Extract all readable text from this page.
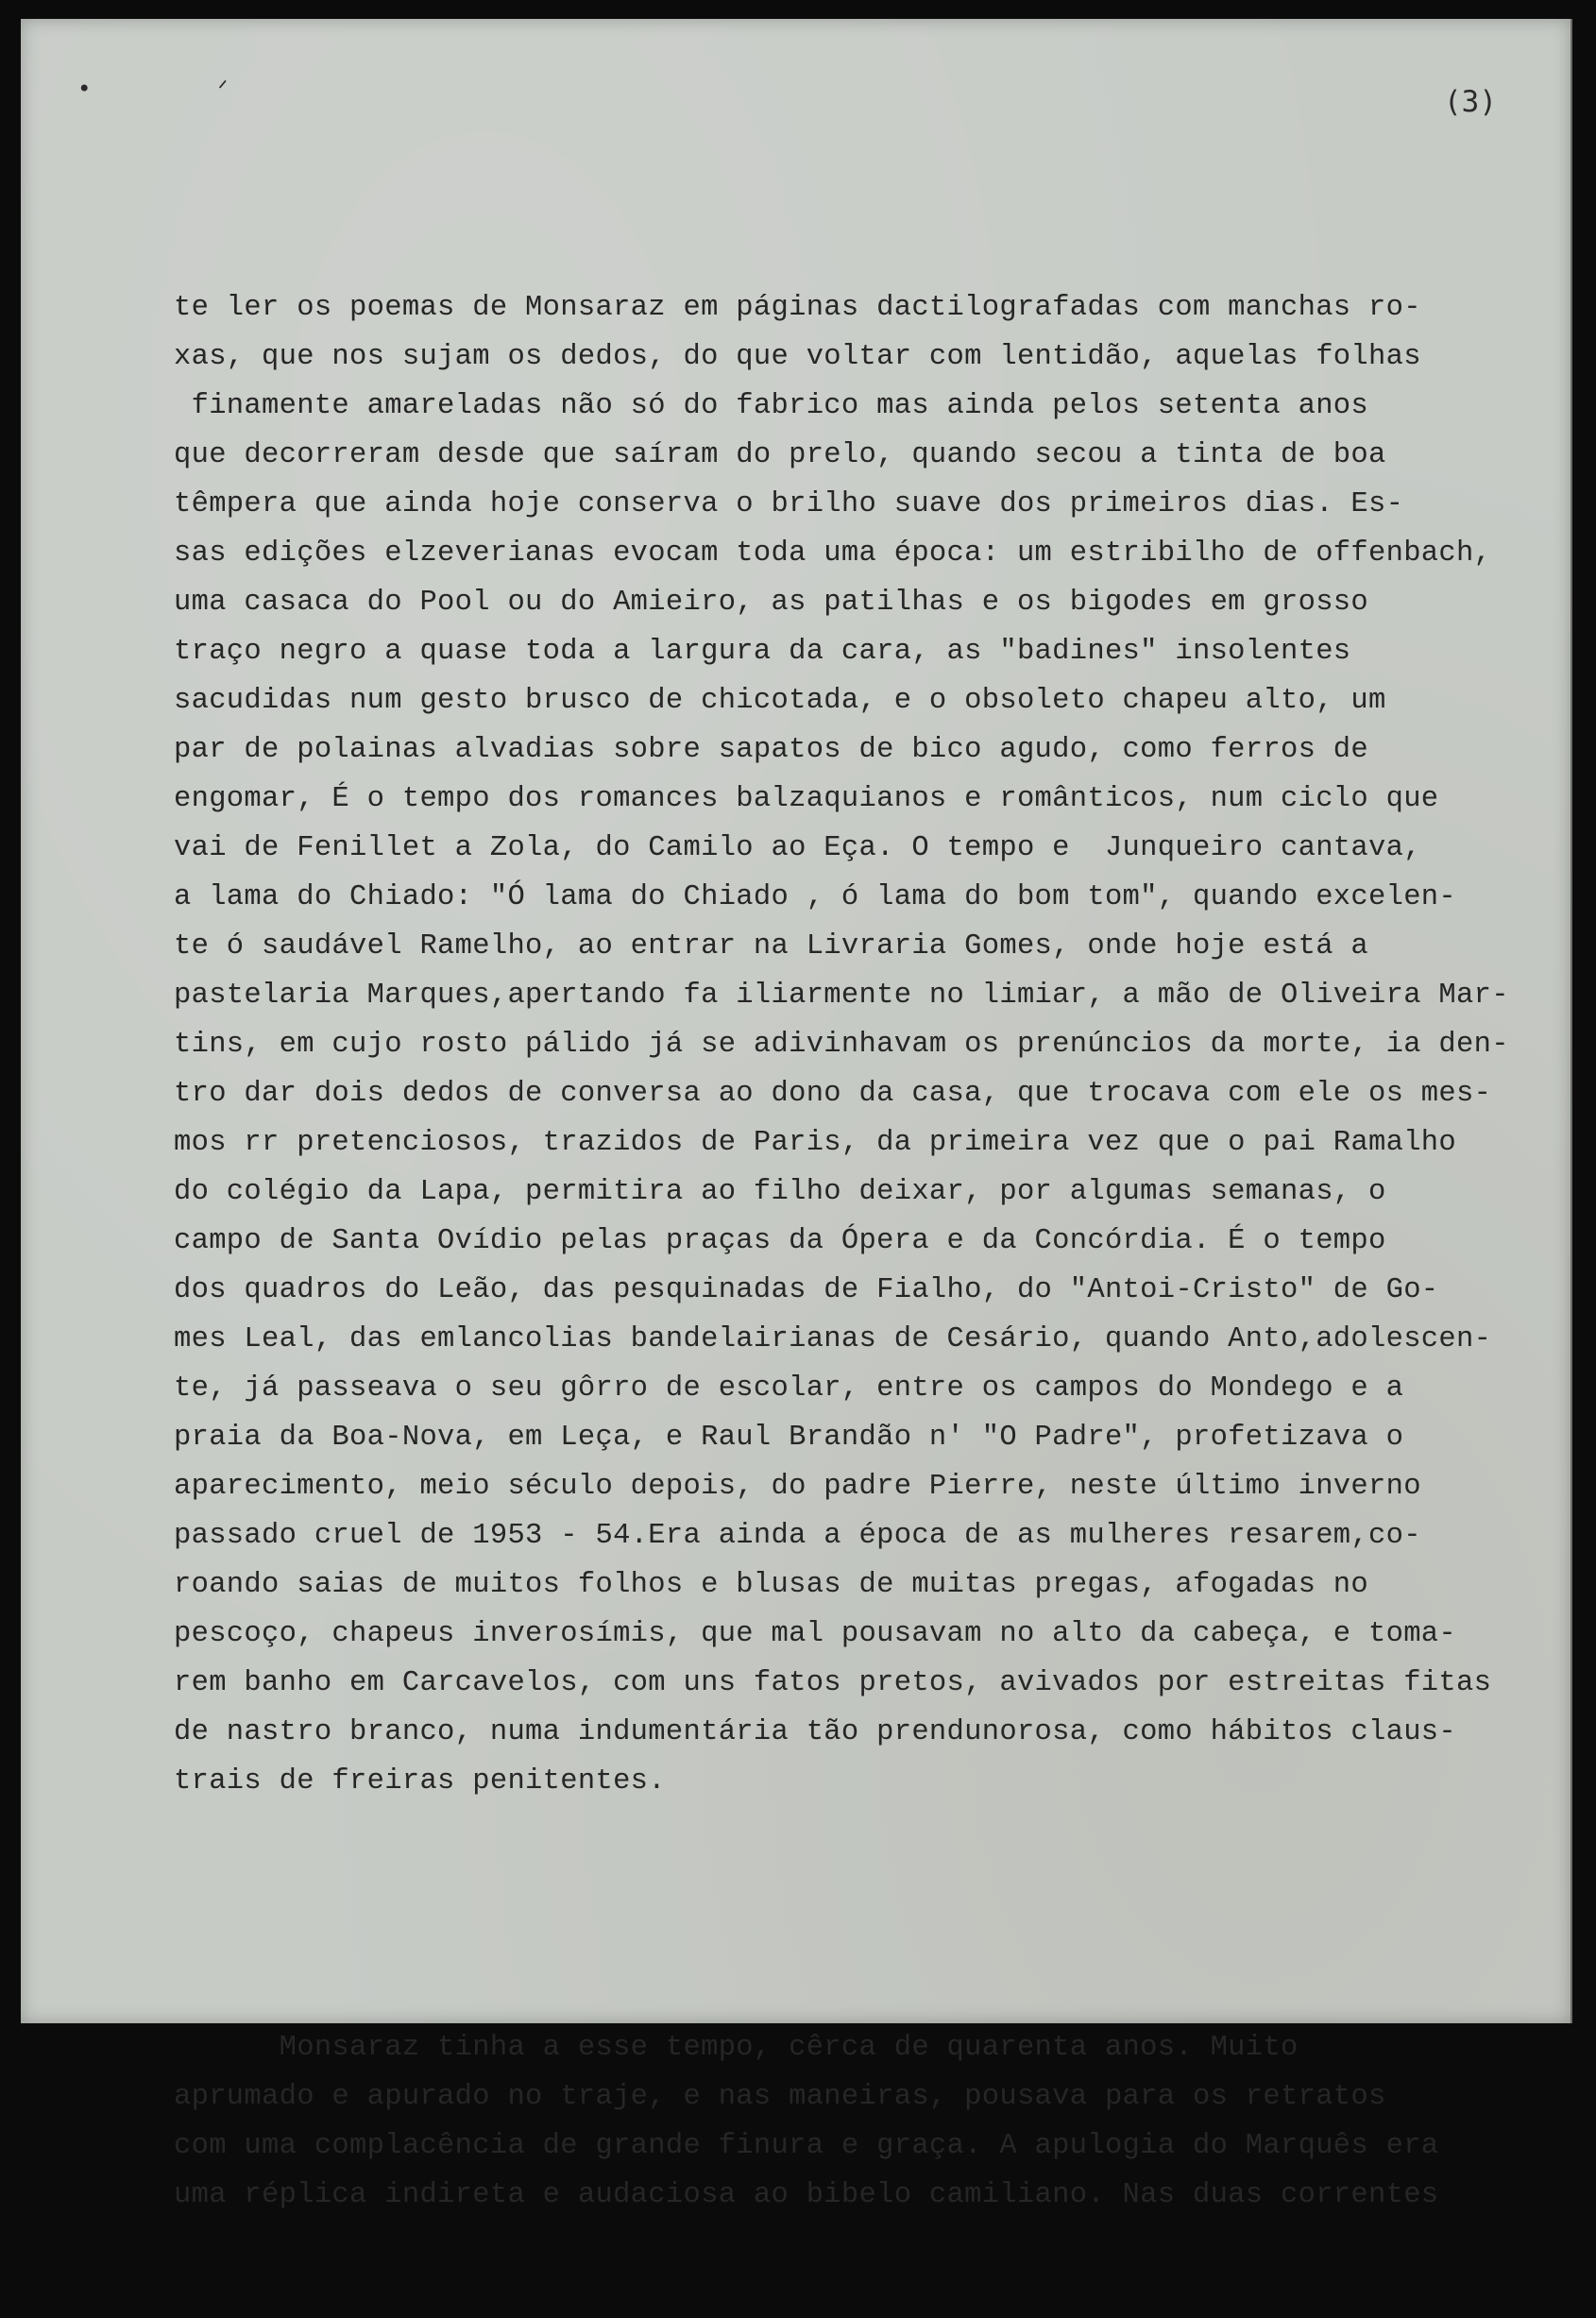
• ᐟ	(3)

te ler os poemas de Monsaraz em páginas dactilografadas com manchas ro-
xas, que nos sujam os dedos, do que voltar com lentidão, aquelas folhas
finamente amareladas não só do fabrico mas ainda pelos setenta anos
que decorreram desde que saíram do prelo, quando secou a tinta de boa
têmpera que ainda hoje conserva o brilho suave dos primeiros dias. Es-
sas edições elzeverianas evocam toda uma época: um estribilho de offenbach,
uma casaca do Pool ou do Amieiro, as patilhas e os bigodes em grosso
traço negro a quase toda a largura da cara, as "badines" insolentes
sacudidas num gesto brusco de chicotada, e o obsoleto chapeu alto, um
par de polainas alvadias sobre sapatos de bico agudo, como ferros de
engomar, É o tempo dos romances balzaquianos e românticos, num ciclo que
vai de Fenillet a Zola, do Camilo ao Eça. O tempo e  Junqueiro cantava,
a lama do Chiado: "Ó lama do Chiado , ó lama do bom tom", quando excelen-
te ó saudável Ramelho, ao entrar na Livraria Gomes, onde hoje está a
pastelaria Marques,apertando fa iliarmente no limiar, a mão de Oliveira Mar-
tins, em cujo rosto pálido já se adivinhavam os prenúncios da morte, ia den-
tro dar dois dedos de conversa ao dono da casa, que trocava com ele os mes-
mos rr pretenciosos, trazidos de Paris, da primeira vez que o pai Ramalho
do colégio da Lapa, permitira ao filho deixar, por algumas semanas, o
campo de Santa Ovídio pelas praças da Ópera e da Concórdia. É o tempo
dos quadros do Leão, das pesquinadas de Fialho, do "Antoi-Cristo" de Go-
mes Leal, das emlancolias bandelairianas de Cesário, quando Anto,adolescen-
te, já passeava o seu gôrro de escolar, entre os campos do Mondego e a
praia da Boa-Nova, em Leça, e Raul Brandão n' "O Padre", profetizava o
aparecimento, meio século depois, do padre Pierre, neste último inverno
passado cruel de 1953 - 54.Era ainda a época de as mulheres resarem,co-
roando saias de muitos folhos e blusas de muitas pregas, afogadas no
pescoço, chapeus inverosímis, que mal pousavam no alto da cabeça, e toma-
rem banho em Carcavelos, com uns fatos pretos, avivados por estreitas fitas
de nastro branco, numa indumentária tão prendunorosa, como hábitos claus-
trais de freiras penitentes.

Monsaraz tinha a esse tempo, cêrca de quarenta anos. Muito
aprumado e apurado no traje, e nas maneiras, pousava para os retratos
com uma complacência de grande finura e graça. A apulogia do Marquês era
uma réplica indireta e audaciosa ao bibelo camiliano. Nas duas correntes
